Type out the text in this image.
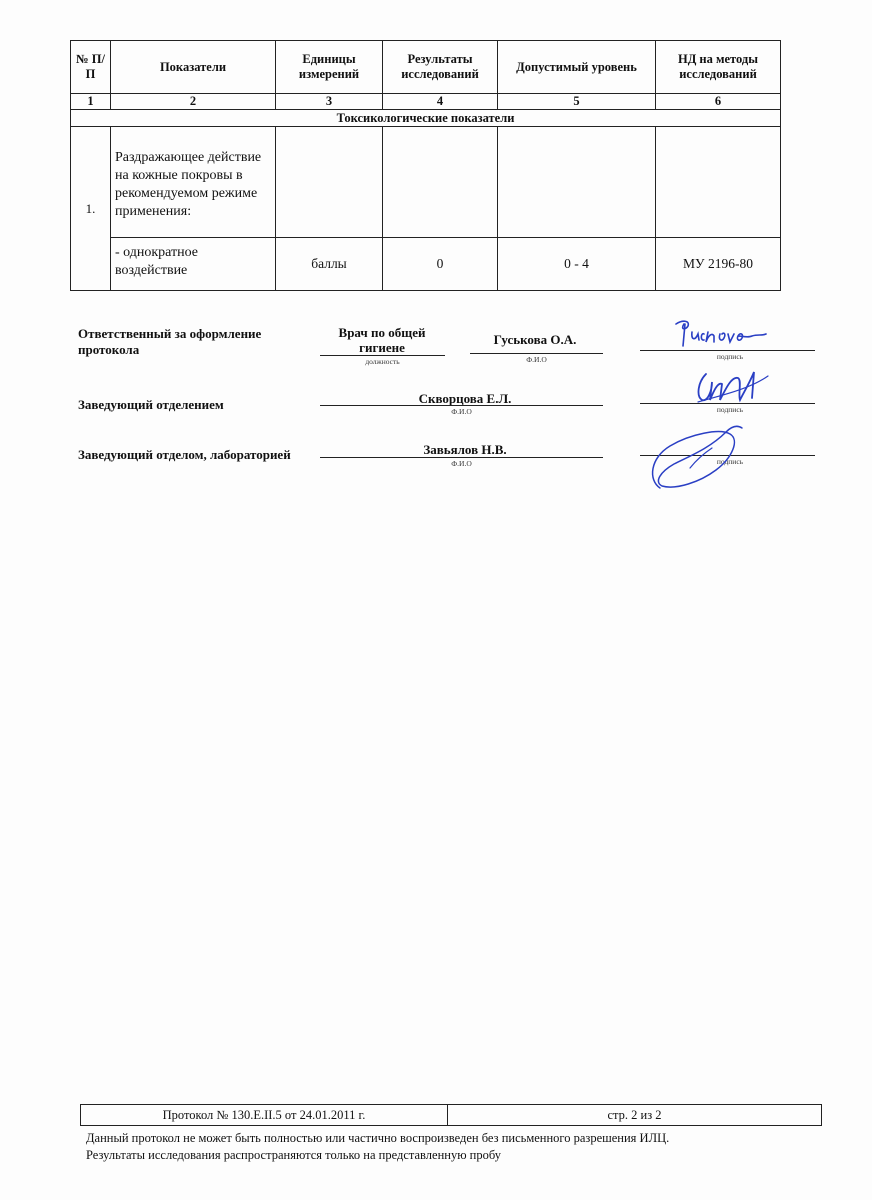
№ П/П	Показатели	Единицы измерений	Результаты исследований	Допустимый уровень	НД на методы исследований
1	2	3	4	5	6
Токсикологические показатели					
1.	Раздражающее действие на кожные покровы в рекомендуемом режиме применения:				
	- однократное воздействие	баллы	0	0 - 4	МУ 2196-80
Ответственный за оформление протокола
Врач по общей гигиене
должность
Гуськова О.А.
Ф.И.О	подпись
Заведующий отделением	Скворцова Е.Л.
Ф.И.О	подпись
Заведующий отделом, лабораторией	Завьялов Н.В.
Ф.И.О	подпись
Протокол № 130.Е.II.5 от 24.01.2011 г.	стр. 2 из 2
Данный протокол не может быть полностью или частично воспроизведен без письменного разрешения ИЛЦ.
Результаты исследования распространяются только на представленную пробу
